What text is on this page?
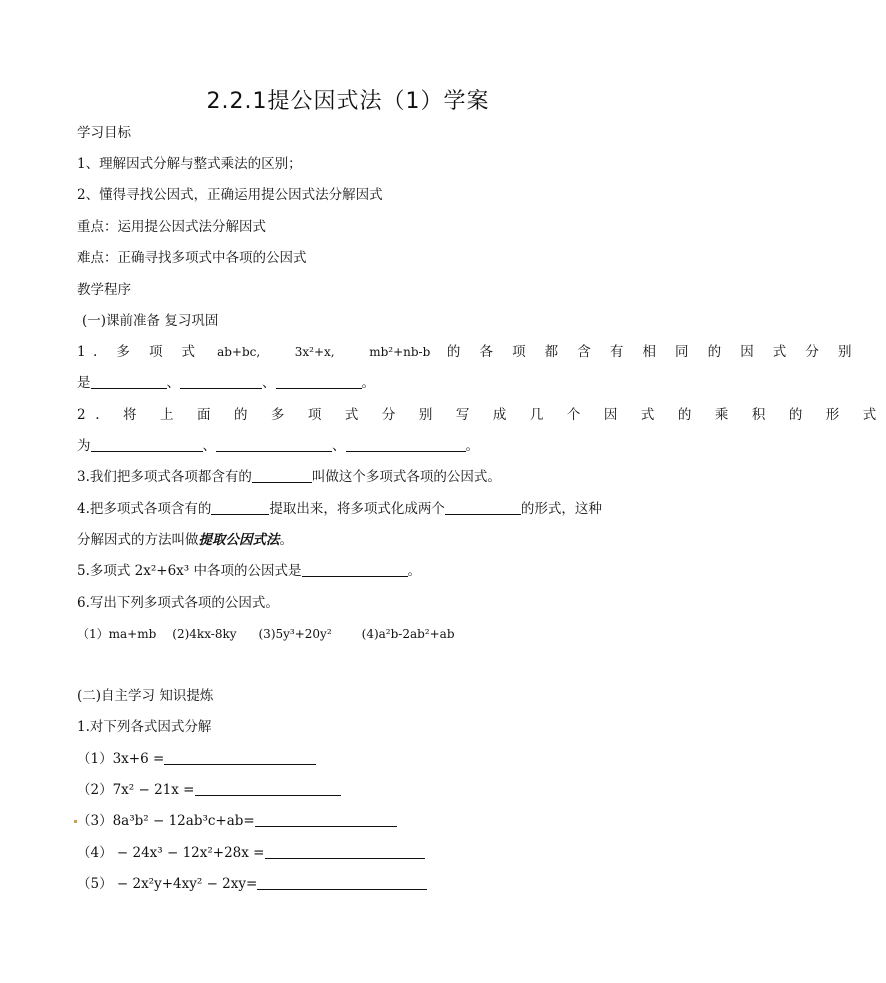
2.2.1提公因式法（1）学案
学习目标
1、理解因式分解与整式乘法的区别；
2、懂得寻找公因式，正确运用提公因式法分解因式
重点：运用提公因式法分解因式
难点：正确寻找多项式中各项的公因式
教学程序
(一)课前准备 复习巩固
1. 多 项 式 ab+bc,	3x²+x,	mb²+nb-b 的 各 项 都 含 有 相 同 的 因 式 分 别
是	、	、	。
2. 将 上 面 的 多 项 式 分 别 写 成 几 个 因 式 的 乘 积 的 形 式
为	、	、	。
3.我们把多项式各项都含有的	叫做这个多项式各项的公因式。
4.把多项式各项含有的	提取出来，将多项式化成两个	的形式，这种
分解因式的方法叫做提取公因式法。
5.多项式 2x²+6x³ 中各项的公因式是	。
6.写出下列多项式各项的公因式。
（1）ma+mb (2)4kx-8ky (3)5y³+20y²	(4)a²b-2ab²+ab
(二)自主学习 知识提炼
1.对下列各式因式分解
（1）3x+6 =
（2）7x² − 21x =
（3）8a³b² − 12ab³c+ab=
（4） − 24x³ − 12x²+28x =
（5） − 2x²y+4xy² − 2xy=
